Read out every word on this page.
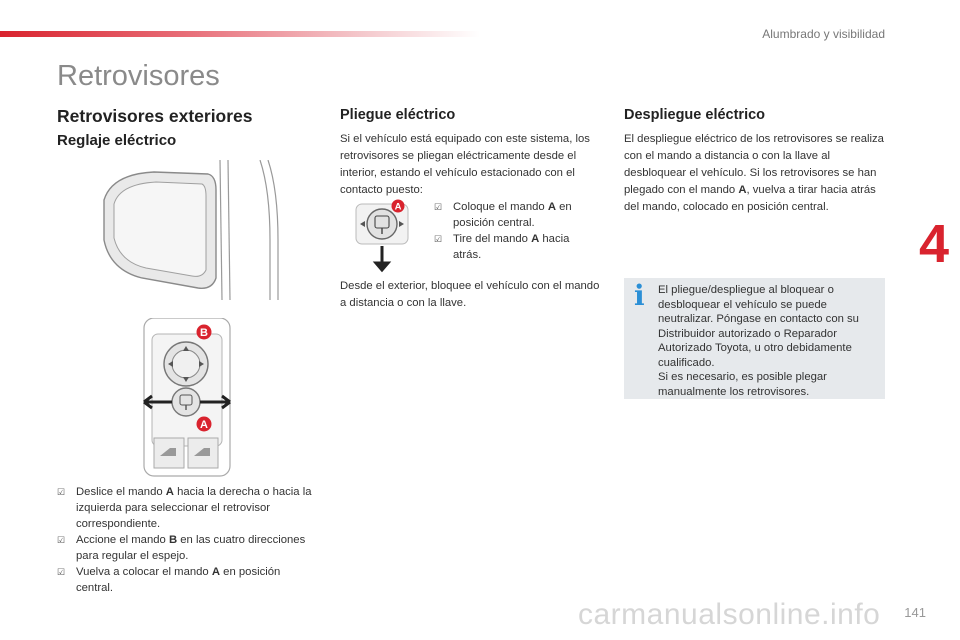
Alumbrado y visibilidad
Retrovisores
Retrovisores exteriores
Reglaje eléctrico
B
A
☑ Deslice el mando A hacia la derecha o hacia la izquierda para seleccionar el retrovisor correspondiente.
☑ Accione el mando B en las cuatro direcciones para regular el espejo.
☑ Vuelva a colocar el mando A en posición central.
Pliegue eléctrico
Si el vehículo está equipado con este sistema, los retrovisores se pliegan eléctricamente desde el interior, estando el vehículo estacionado con el contacto puesto:
A
☑	Coloque el mando A en posición central.
☑ Tire del mando A hacia atrás.
Desde el exterior, bloquee el vehículo con el mando a distancia o con la llave.
Despliegue eléctrico
El despliegue eléctrico de los retrovisores se realiza con el mando a distancia o con la llave al desbloquear el vehículo. Si los retrovisores se han plegado con el mando A, vuelva a tirar hacia atrás del mando, colocado en posición central.
i El pliegue/despliegue al bloquear o desbloquear el vehículo se puede neutralizar. Póngase en contacto con su Distribuidor autorizado o Reparador Autorizado Toyota, u otro debidamente cualificado.
Si es necesario, es posible plegar manualmente los retrovisores.
4
carmanualsonline.info 141
